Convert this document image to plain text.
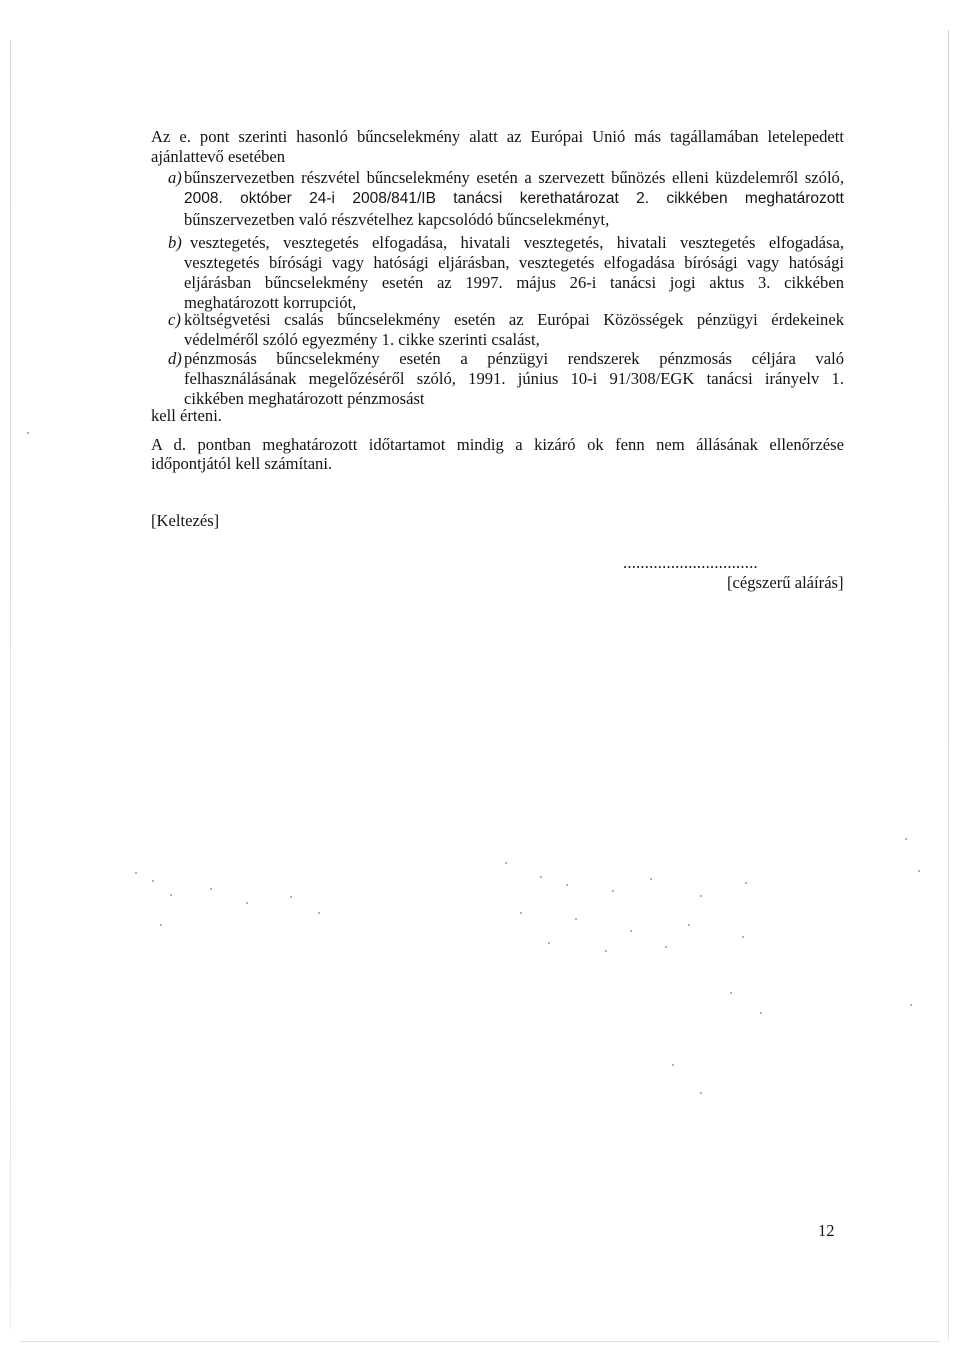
Az e. pont szerinti hasonló bűncselekmény alatt az Európai Unió más tagállamában letelepedett
ajánlattevő esetében
a) bűnszervezetben részvétel bűncselekmény esetén a szervezett bűnözés elleni küzdelemről szóló,
2008. október 24-i 2008/841/IB tanácsi kerethatározat 2. cikkében meghatározott
bűnszervezetben való részvételhez kapcsolódó bűncselekményt,
b) vesztegetés, vesztegetés elfogadása, hivatali vesztegetés, hivatali vesztegetés elfogadása,
vesztegetés bírósági vagy hatósági eljárásban, vesztegetés elfogadása bírósági vagy hatósági
eljárásban bűncselekmény esetén az 1997. május 26-i tanácsi jogi aktus 3. cikkében
meghatározott korrupciót,
c) költségvetési csalás bűncselekmény esetén az Európai Közösségek pénzügyi érdekeinek
védelméről szóló egyezmény 1. cikke szerinti csalást,
d) pénzmosás bűncselekmény esetén a pénzügyi rendszerek pénzmosás céljára való
felhasználásának megelőzéséről szóló, 1991. június 10-i 91/308/EGK tanácsi irányelv 1.
cikkében meghatározott pénzmosást
kell érteni.
A d. pontban meghatározott időtartamot mindig a kizáró ok fenn nem állásának ellenőrzése
időpontjától kell számítani.
[Keltezés]
...............................
[cégszerű aláírás]
12
